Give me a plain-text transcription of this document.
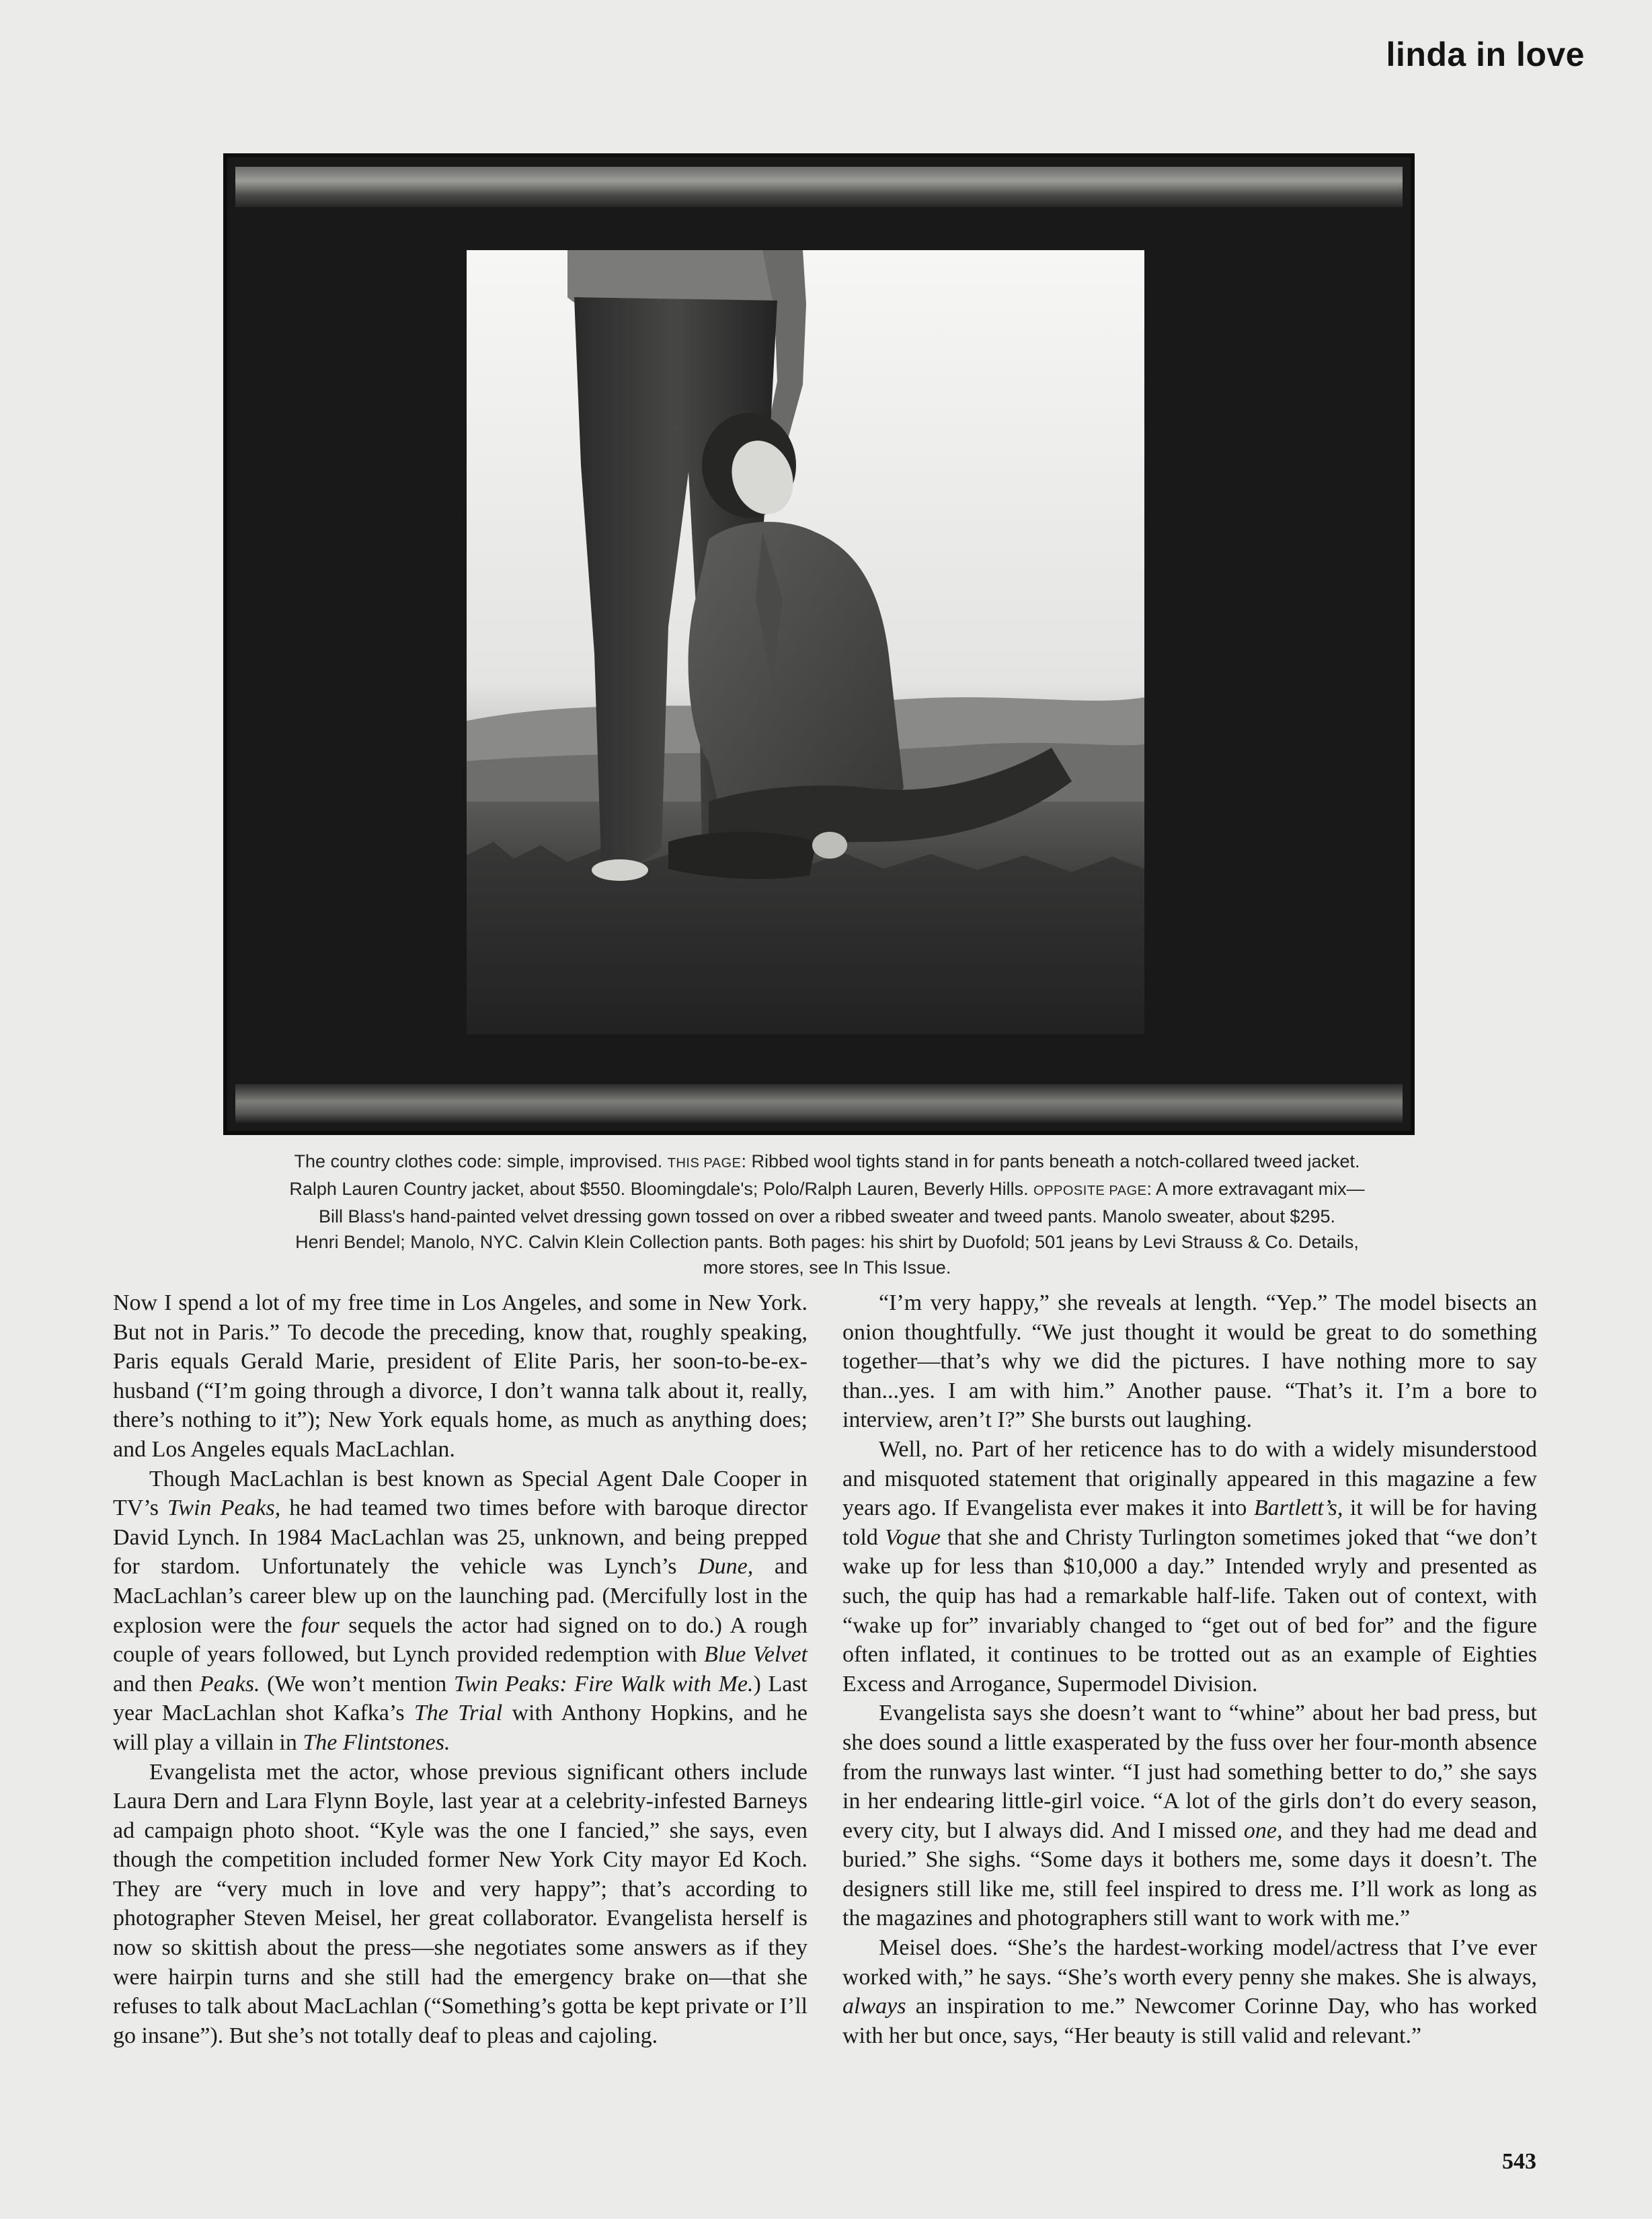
linda in love

The country clothes code: simple, improvised. THIS PAGE: Ribbed wool tights stand in for pants beneath a notch-collared tweed jacket.
Ralph Lauren Country jacket, about $550. Bloomingdale's; Polo/Ralph Lauren, Beverly Hills. OPPOSITE PAGE: A more extravagant mix—
Bill Blass's hand-painted velvet dressing gown tossed on over a ribbed sweater and tweed pants. Manolo sweater, about $295.
Henri Bendel; Manolo, NYC. Calvin Klein Collection pants. Both pages: his shirt by Duofold; 501 jeans by Levi Strauss & Co. Details,
more stores, see In This Issue.

Now I spend a lot of my free time in Los Angeles, and some in New York. But not in Paris.” To decode the preceding, know that, roughly speaking, Paris equals Gerald Marie, president of Elite Paris, her soon-to-be-ex-husband (“I’m going through a divorce, I don’t wanna talk about it, really, there’s nothing to it”); New York equals home, as much as anything does; and Los Angeles equals MacLachlan.

Though MacLachlan is best known as Special Agent Dale Cooper in TV’s Twin Peaks, he had teamed two times before with baroque director David Lynch. In 1984 MacLachlan was 25, unknown, and being prepped for stardom. Unfortunately the vehicle was Lynch’s Dune, and MacLachlan’s career blew up on the launching pad. (Mercifully lost in the explosion were the four sequels the actor had signed on to do.) A rough couple of years followed, but Lynch provided redemption with Blue Velvet and then Peaks. (We won’t mention Twin Peaks: Fire Walk with Me.) Last year MacLachlan shot Kafka’s The Trial with Anthony Hopkins, and he will play a villain in The Flintstones.

Evangelista met the actor, whose previous significant others include Laura Dern and Lara Flynn Boyle, last year at a celebrity-infested Barneys ad campaign photo shoot. “Kyle was the one I fancied,” she says, even though the competition included former New York City mayor Ed Koch. They are “very much in love and very happy”; that’s according to photographer Steven Meisel, her great collaborator. Evangelista herself is now so skittish about the press—she negotiates some answers as if they were hairpin turns and she still had the emergency brake on—that she refuses to talk about MacLachlan (“Something’s gotta be kept private or I’ll go insane”). But she’s not totally deaf to pleas and cajoling.

“I’m very happy,” she reveals at length. “Yep.” The model bisects an onion thoughtfully. “We just thought it would be great to do something together—that’s why we did the pictures. I have nothing more to say than...yes. I am with him.” Another pause. “That’s it. I’m a bore to interview, aren’t I?” She bursts out laughing.

Well, no. Part of her reticence has to do with a widely misunderstood and misquoted statement that originally appeared in this magazine a few years ago. If Evangelista ever makes it into Bartlett’s, it will be for having told Vogue that she and Christy Turlington sometimes joked that “we don’t wake up for less than $10,000 a day.” Intended wryly and presented as such, the quip has had a remarkable half-life. Taken out of context, with “wake up for” invariably changed to “get out of bed for” and the figure often inflated, it continues to be trotted out as an example of Eighties Excess and Arrogance, Supermodel Division.

Evangelista says she doesn’t want to “whine” about her bad press, but she does sound a little exasperated by the fuss over her four-month absence from the runways last winter. “I just had something better to do,” she says in her endearing little-girl voice. “A lot of the girls don’t do every season, every city, but I always did. And I missed one, and they had me dead and buried.” She sighs. “Some days it bothers me, some days it doesn’t. The designers still like me, still feel inspired to dress me. I’ll work as long as the magazines and photographers still want to work with me.”

Meisel does. “She’s the hardest-working model/actress that I’ve ever worked with,” he says. “She’s worth every penny she makes. She is always, always an inspiration to me.” Newcomer Corinne Day, who has worked with her but once, says, “Her beauty is still valid and relevant.”

543
